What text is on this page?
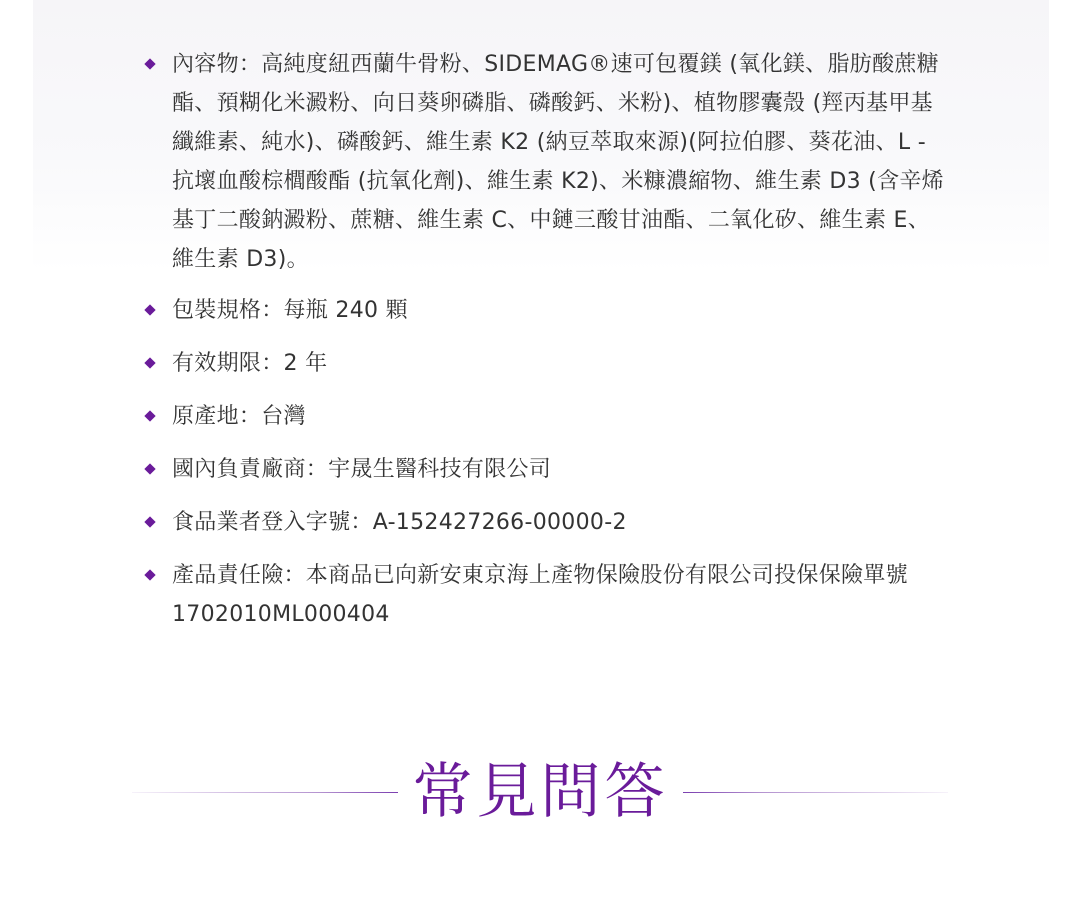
內容物：高純度紐西蘭牛骨粉、SIDEMAG®速可包覆鎂 (氧化鎂、脂肪酸蔗糖酯、預糊化米澱粉、向日葵卵磷脂、磷酸鈣、米粉)、植物膠囊殼 (羥丙基甲基纖維素、純水)、磷酸鈣、維生素 K2 (納豆萃取來源)(阿拉伯膠、葵花油、L - 抗壞血酸棕櫚酸酯 (抗氧化劑)、維生素 K2)、米糠濃縮物、維生素 D3 (含辛烯基丁二酸鈉澱粉、蔗糖、維生素 C、中鏈三酸甘油酯、二氧化矽、維生素 E、維生素 D3)。
包裝規格：每瓶 240 顆
有效期限：2 年
原產地：台灣
國內負責廠商：宇晟生醫科技有限公司
食品業者登入字號：A-152427266-00000-2
產品責任險：本商品已向新安東京海上產物保險股份有限公司投保保險單號 1702010ML000404
常見問答
